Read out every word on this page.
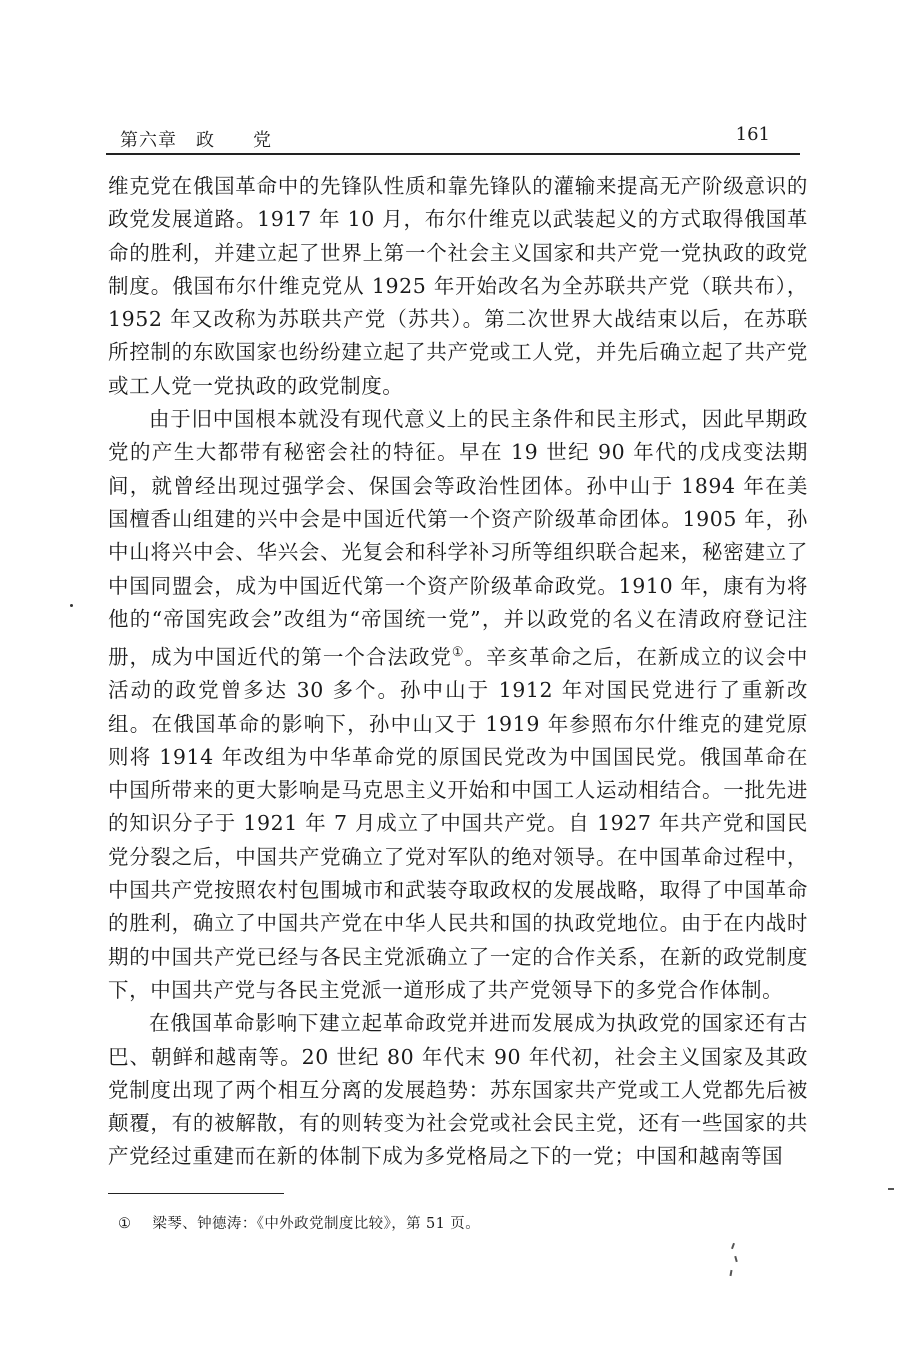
第六章　政　　党	161

维克党在俄国革命中的先锋队性质和靠先锋队的灌输来提高无产阶级意识的政党发展道路。1917 年 10 月，布尔什维克以武装起义的方式取得俄国革命的胜利，并建立起了世界上第一个社会主义国家和共产党一党执政的政党制度。俄国布尔什维克党从 1925 年开始改名为全苏联共产党（联共布），1952 年又改称为苏联共产党（苏共）。第二次世界大战结束以后，在苏联所控制的东欧国家也纷纷建立起了共产党或工人党，并先后确立起了共产党或工人党一党执政的政党制度。

由于旧中国根本就没有现代意义上的民主条件和民主形式，因此早期政党的产生大都带有秘密会社的特征。早在 19 世纪 90 年代的戊戌变法期间，就曾经出现过强学会、保国会等政治性团体。孙中山于 1894 年在美国檀香山组建的兴中会是中国近代第一个资产阶级革命团体。1905 年，孙中山将兴中会、华兴会、光复会和科学补习所等组织联合起来，秘密建立了中国同盟会，成为中国近代第一个资产阶级革命政党。1910 年，康有为将他的“帝国宪政会”改组为“帝国统一党”，并以政党的名义在清政府登记注册，成为中国近代的第一个合法政党①。辛亥革命之后，在新成立的议会中活动的政党曾多达 30 多个。孙中山于 1912 年对国民党进行了重新改组。在俄国革命的影响下，孙中山又于 1919 年参照布尔什维克的建党原则将 1914 年改组为中华革命党的原国民党改为中国国民党。俄国革命在中国所带来的更大影响是马克思主义开始和中国工人运动相结合。一批先进的知识分子于 1921 年 7 月成立了中国共产党。自 1927 年共产党和国民党分裂之后，中国共产党确立了党对军队的绝对领导。在中国革命过程中，中国共产党按照农村包围城市和武装夺取政权的发展战略，取得了中国革命的胜利，确立了中国共产党在中华人民共和国的执政党地位。由于在内战时期的中国共产党已经与各民主党派确立了一定的合作关系，在新的政党制度下，中国共产党与各民主党派一道形成了共产党领导下的多党合作体制。

在俄国革命影响下建立起革命政党并进而发展成为执政党的国家还有古巴、朝鲜和越南等。20 世纪 80 年代末 90 年代初，社会主义国家及其政党制度出现了两个相互分离的发展趋势：苏东国家共产党或工人党都先后被颠覆，有的被解散，有的则转变为社会党或社会民主党，还有一些国家的共产党经过重建而在新的体制下成为多党格局之下的一党；中国和越南等国

① 梁琴、钟德涛：《中外政党制度比较》，第 51 页。
